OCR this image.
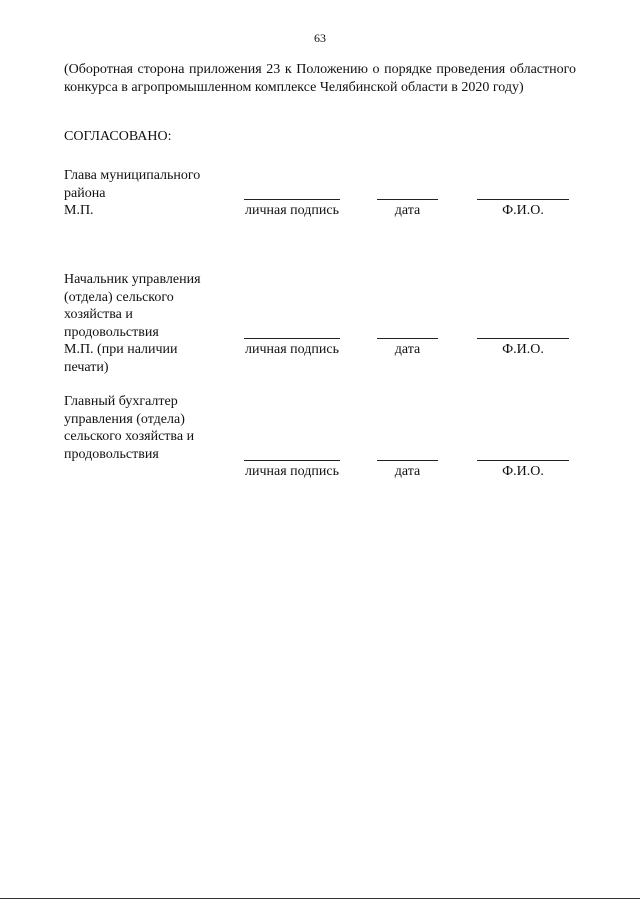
63

(Оборотная сторона приложения 23 к Положению о порядке проведения областного конкурса в агропромышленном комплексе Челябинской области в 2020 году)

СОГЛАСОВАНО:

Глава муниципального
района
М.П.	личная подпись	дата	Ф.И.О.
Начальник управления
(отдела) сельского
хозяйства и
продовольствия
М.П. (при наличии
печати)
личная подпись	дата	Ф.И.О.
Главный бухгалтер
управления (отдела)
сельского хозяйства и
продовольствия
личная подпись	дата	Ф.И.О.
